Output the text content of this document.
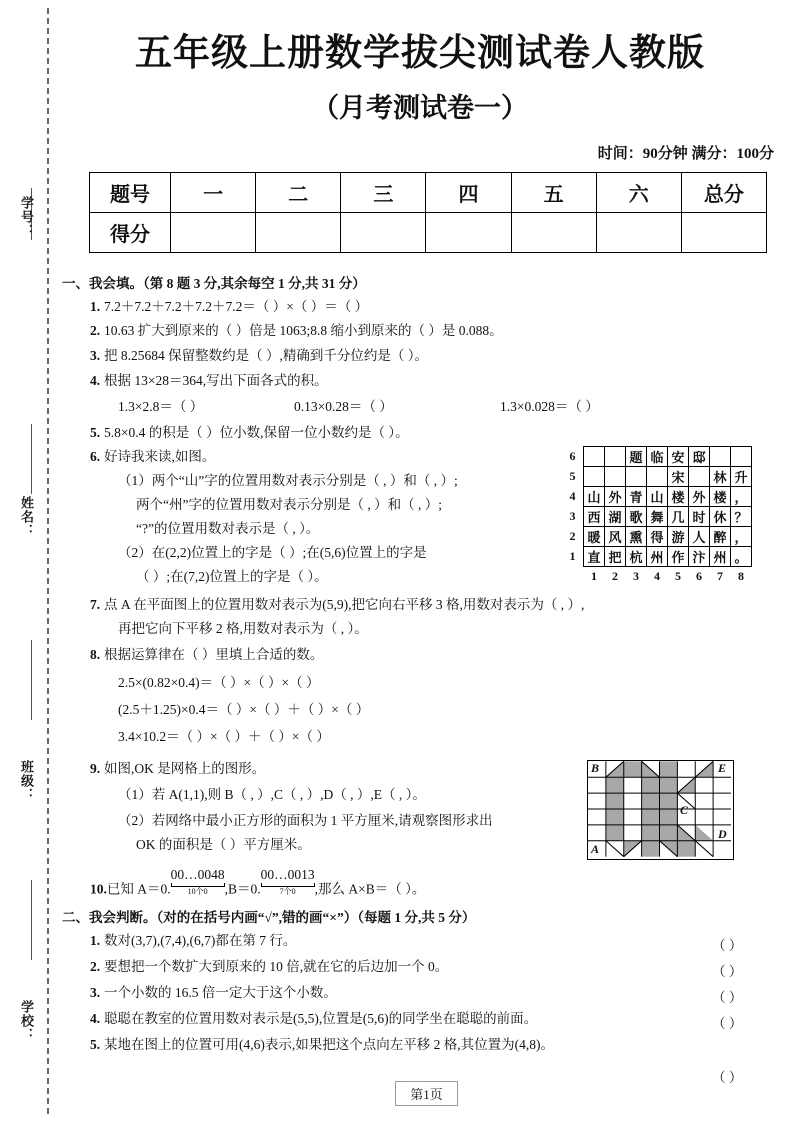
学号：
姓名：
班级：
学校：
五年级上册数学拔尖测试卷人教版
（月考测试卷一）
时间：90分钟 满分：100分
题号	一	二	三	四	五	六	总分
得分							
一、我会填。（第 8 题 3 分,其余每空 1 分,共 31 分）
1. 7.2＋7.2＋7.2＋7.2＋7.2＝（ ）×（ ）＝（ ）
2. 10.63 扩大到原来的（ ）倍是 1063;8.8 缩小到原来的（ ）是 0.088。
3. 把 8.25684 保留整数约是（ ）,精确到千分位约是（ ）。
4. 根据 13×28＝364,写出下面各式的积。
1.3×2.8＝（ ）	0.13×0.28＝（ ）	1.3×0.028＝（ ）
5. 5.8×0.4 的积是（ ）位小数,保留一位小数约是（ ）。
6. 好诗我来读,如图。
（1）两个“山”字的位置用数对表示分别是（ , ）和（ , ）;
两个“州”字的位置用数对表示分别是（ , ）和（ , ）;
“?”的位置用数对表示是（ , ）。
（2）在(2,2)位置上的字是（ ）;在(5,6)位置上的字是
（ ）;在(7,2)位置上的字是（ ）。
7. 点 A 在平面图上的位置用数对表示为(5,9),把它向右平移 3 格,用数对表示为（ , ）,
再把它向下平移 2 格,用数对表示为（ , ）。
8. 根据运算律在（ ）里填上合适的数。
2.5×(0.82×0.4)＝（ ）×（ ）×（ ）
(2.5＋1.25)×0.4＝（ ）×（ ）＋（ ）×（ ）
3.4×10.2＝（ ）×（ ）＋（ ）×（ ）
9. 如图,OK 是网格上的图形。
（1）若 A(1,1),则 B（ , ）,C（ , ）,D（ , ）,E（ , ）。
（2）若网络中最小正方形的面积为 1 平方厘米,请观察图形求出
OK 的面积是（ ）平方厘米。
10.已知 A＝0.00…0048
10个0	,B＝0.00…0013
7个0	,那么 A×B＝（ ）。
6			题	临	安	邸		
5					宋		林	升
4	山	外	青	山	楼	外	楼	，
3	西	湖	歌	舞	几	时	休	？
2	暖	风	熏	得	游	人	醉	，
1	直	把	杭	州	作	汴	州	。
	1	2	3	4	5	6	7	8
B	E
C
D
A
二、我会判断。（对的在括号内画“√”,错的画“×”）（每题 1 分,共 5 分）
1. 数对(3,7),(7,4),(6,7)都在第 7 行。	（ ）
2. 要想把一个数扩大到原来的 10 倍,就在它的后边加一个 0。	（ ）
3. 一个小数的 16.5 倍一定大于这个小数。	（ ）
4. 聪聪在教室的位置用数对表示是(5,5),位置是(5,6)的同学坐在聪聪的前面。	（ ）
5. 某地在图上的位置可用(4,6)表示,如果把这个点向左平移 2 格,其位置为(4,8)。
（ ）
第1页
